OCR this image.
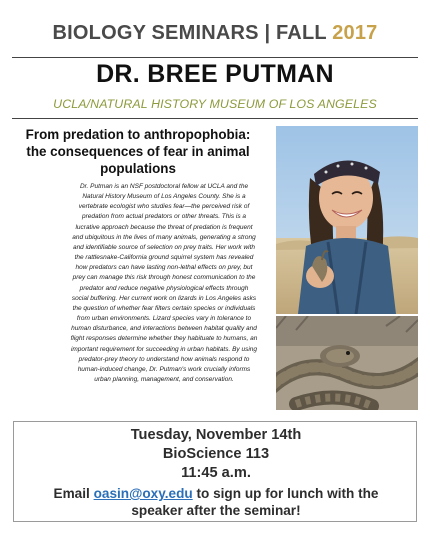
BIOLOGY SEMINARS | FALL 2017
DR. BREE PUTMAN
UCLA/NATURAL HISTORY MUSEUM OF LOS ANGELES
From predation to anthropophobia:
the consequences of fear in animal
populations
Dr. Putman is an NSF postdoctoral fellow at UCLA and the
Natural History Museum of Los Angeles County. She is a
vertebrate ecologist who studies fear—the perceived risk of
predation from actual predators or other threats. This is a
lucrative approach because the threat of predation is frequent
and ubiquitous in the lives of many animals, generating a strong
and identifiable source of selection on prey traits. Her work with
the rattlesnake-California ground squirrel system has revealed
how predators can have lasting non-lethal effects on prey, but
prey can manage this risk through honest communication to the
predator and reduce negative physiological effects through
social buffering. Her current work on lizards in Los Angeles asks
the question of whether fear filters certain species or individuals
from urban environments. Lizard species vary in tolerance to
human disturbance, and interactions between habitat quality and
flight responses determine whether they habituate to humans, an
important requirement for succeeding in urban habitats. By using
predator-prey theory to understand how animals respond to
human-induced change, Dr. Putman's work crucially informs
urban planning, management, and conservation.
Tuesday, November 14th
BioScience 113
11:45 a.m.
Email oasin@oxy.edu to sign up for lunch with the
speaker after the seminar!
